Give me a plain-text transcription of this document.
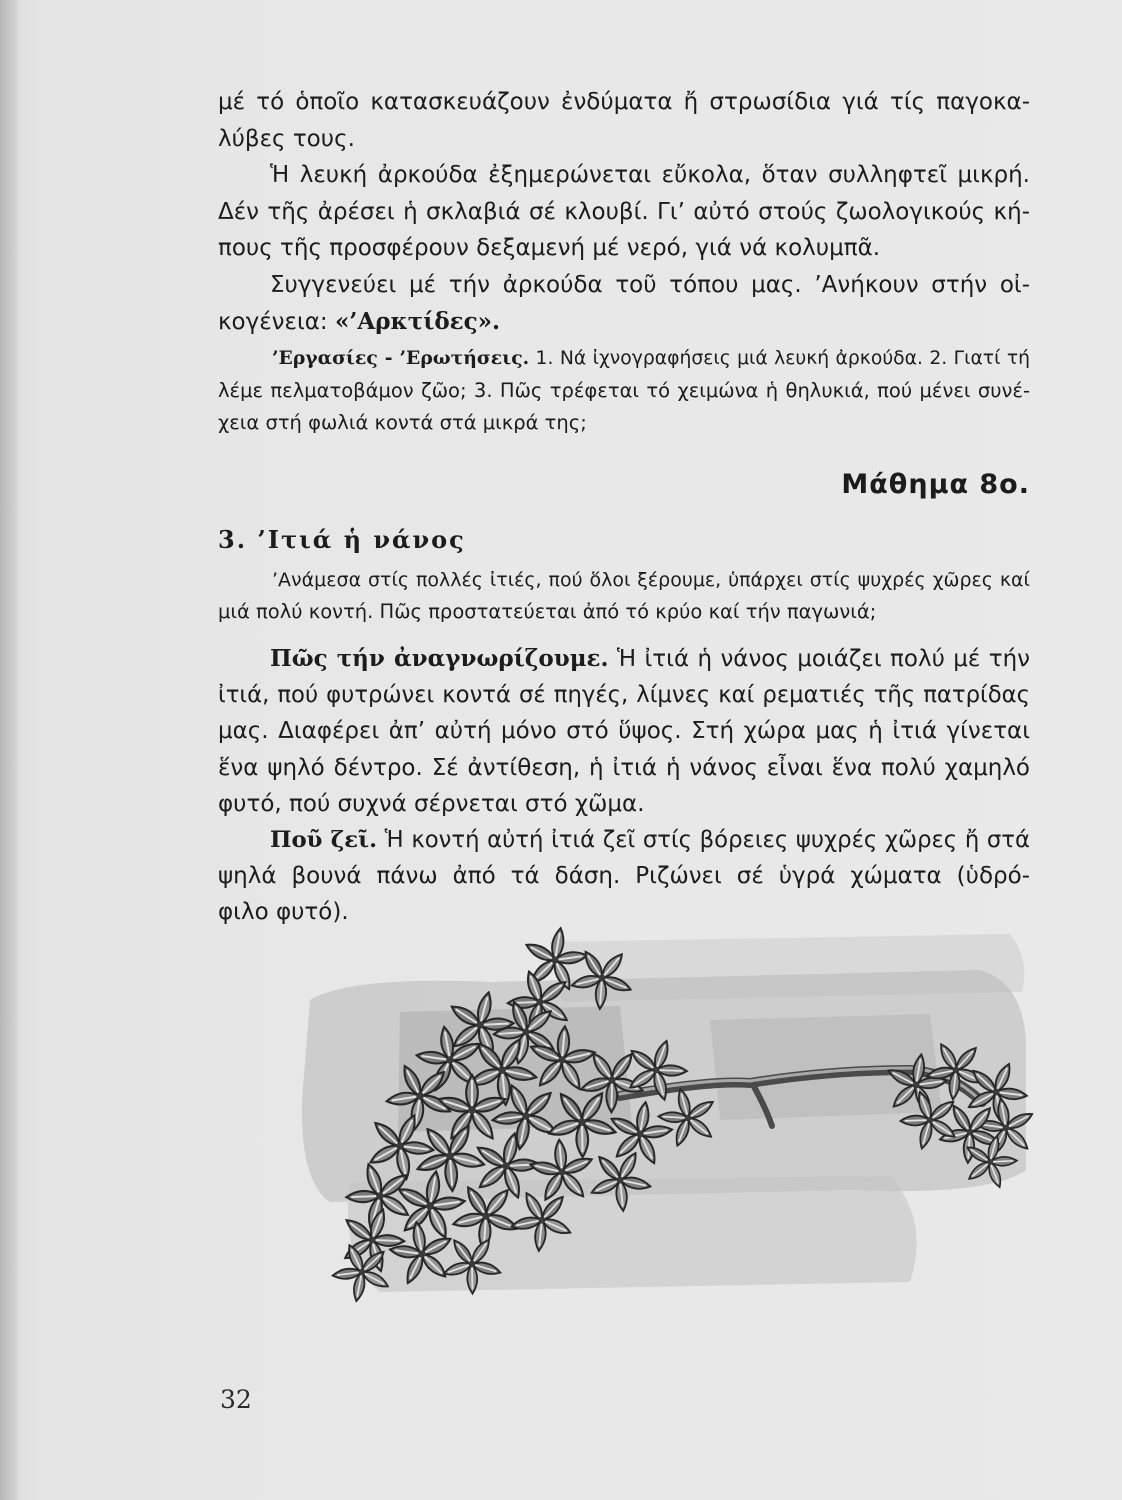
μέ τό ὁποῖο κατασκευάζουν ἐνδύματα ἤ στρωσίδια γιά τίς παγοκα-
λύβες τους.
Ἡ λευκή ἀρκούδα ἐξημερώνεται εὔκολα, ὅταν συλληφτεῖ μικρή.
Δέν τῆς ἀρέσει ἡ σκλαβιά σέ κλουβί. Γι’ αὐτό στούς ζωολογικούς κή-
πους τῆς προσφέρουν δεξαμενή μέ νερό, γιά νά κολυμπᾶ.
Συγγενεύει μέ τήν ἀρκούδα τοῦ τόπου μας. ’Ανήκουν στήν οἰ-
κογένεια: «’Αρκτίδες».
’Εργασίες - ’Ερωτήσεις. 1. Νά ἰχνογραφήσεις μιά λευκή ἀρκούδα. 2. Γιατί τή
λέμε πελματοβάμον ζῶο; 3. Πῶς τρέφεται τό χειμώνα ἡ θηλυκιά, πού μένει συνέ-
χεια στή φωλιά κοντά στά μικρά της;
Μάθημα 8ο.
3. ’Ιτιά ἡ νάνος
’Ανάμεσα στίς πολλές ἰτιές, πού ὅλοι ξέρουμε, ὑπάρχει στίς ψυχρές χῶρες καί
μιά πολύ κοντή. Πῶς προστατεύεται ἀπό τό κρύο καί τήν παγωνιά;
Πῶς τήν ἀναγνωρίζουμε. Ἡ ἰτιά ἡ νάνος μοιάζει πολύ μέ τήν
ἰτιά, πού φυτρώνει κοντά σέ πηγές, λίμνες καί ρεματιές τῆς πατρίδας
μας. Διαφέρει ἀπ’ αὐτή μόνο στό ὕψος. Στή χώρα μας ἡ ἰτιά γίνεται
ἕνα ψηλό δέντρο. Σέ ἀντίθεση, ἡ ἰτιά ἡ νάνος εἶναι ἕνα πολύ χαμηλό
φυτό, πού συχνά σέρνεται στό χῶμα.
Ποῦ ζεῖ. Ἡ κοντή αὐτή ἰτιά ζεῖ στίς βόρειες ψυχρές χῶρες ἤ στά
ψηλά βουνά πάνω ἀπό τά δάση. Ριζώνει σέ ὑγρά χώματα (ὑδρό-
φιλο φυτό).
32
